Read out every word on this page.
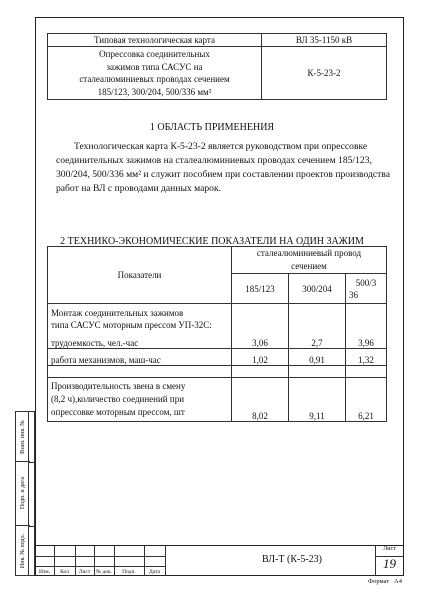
Типовая технологическая карта	ВЛ 35-1150 кВ

Опрессовка соединительных
зажимов типа САСУС на
сталеалюминиевых проводах сечением
185/123, 300/204, 500/336 мм²	К-5-23-2
1 ОБЛАСТЬ ПРИМЕНЕНИЯ

Технологическая карта К-5-23-2 является руководством при опрессовке соединительных зажимов на сталеалюминиевых проводах сечением 185/123, 300/204, 500/336 мм² и служит пособием при составлении проектов производства работ на ВЛ с проводами данных марок.

2 ТЕХНИКО-ЭКОНОМИЧЕСКИЕ ПОКАЗАТЕЛИ НА ОДИН ЗАЖИМ
Показатели	сталеалюминиевый провод
сечением		

	185/123	300/204	500/3
36

Монтаж соединительных зажимов
типа САСУС моторным прессом УП-32С:			

трудоемкость, чел.-час	3,06	2,7	3,96
работа механизмов, маш-час	1,02	0,91	1,32

Производительность звена в смену
(8,2 ч),количество соединений при
опрессовке моторным прессом, шт	8,02	9,11	6,21
Взам. инв. №
Подп. и дата
Инв. № подл.
Изм.	Кол	Лист	№ док.	Подп.	Дата
ВЛ-Т (К-5-23)
Лист
19
Формат А4
